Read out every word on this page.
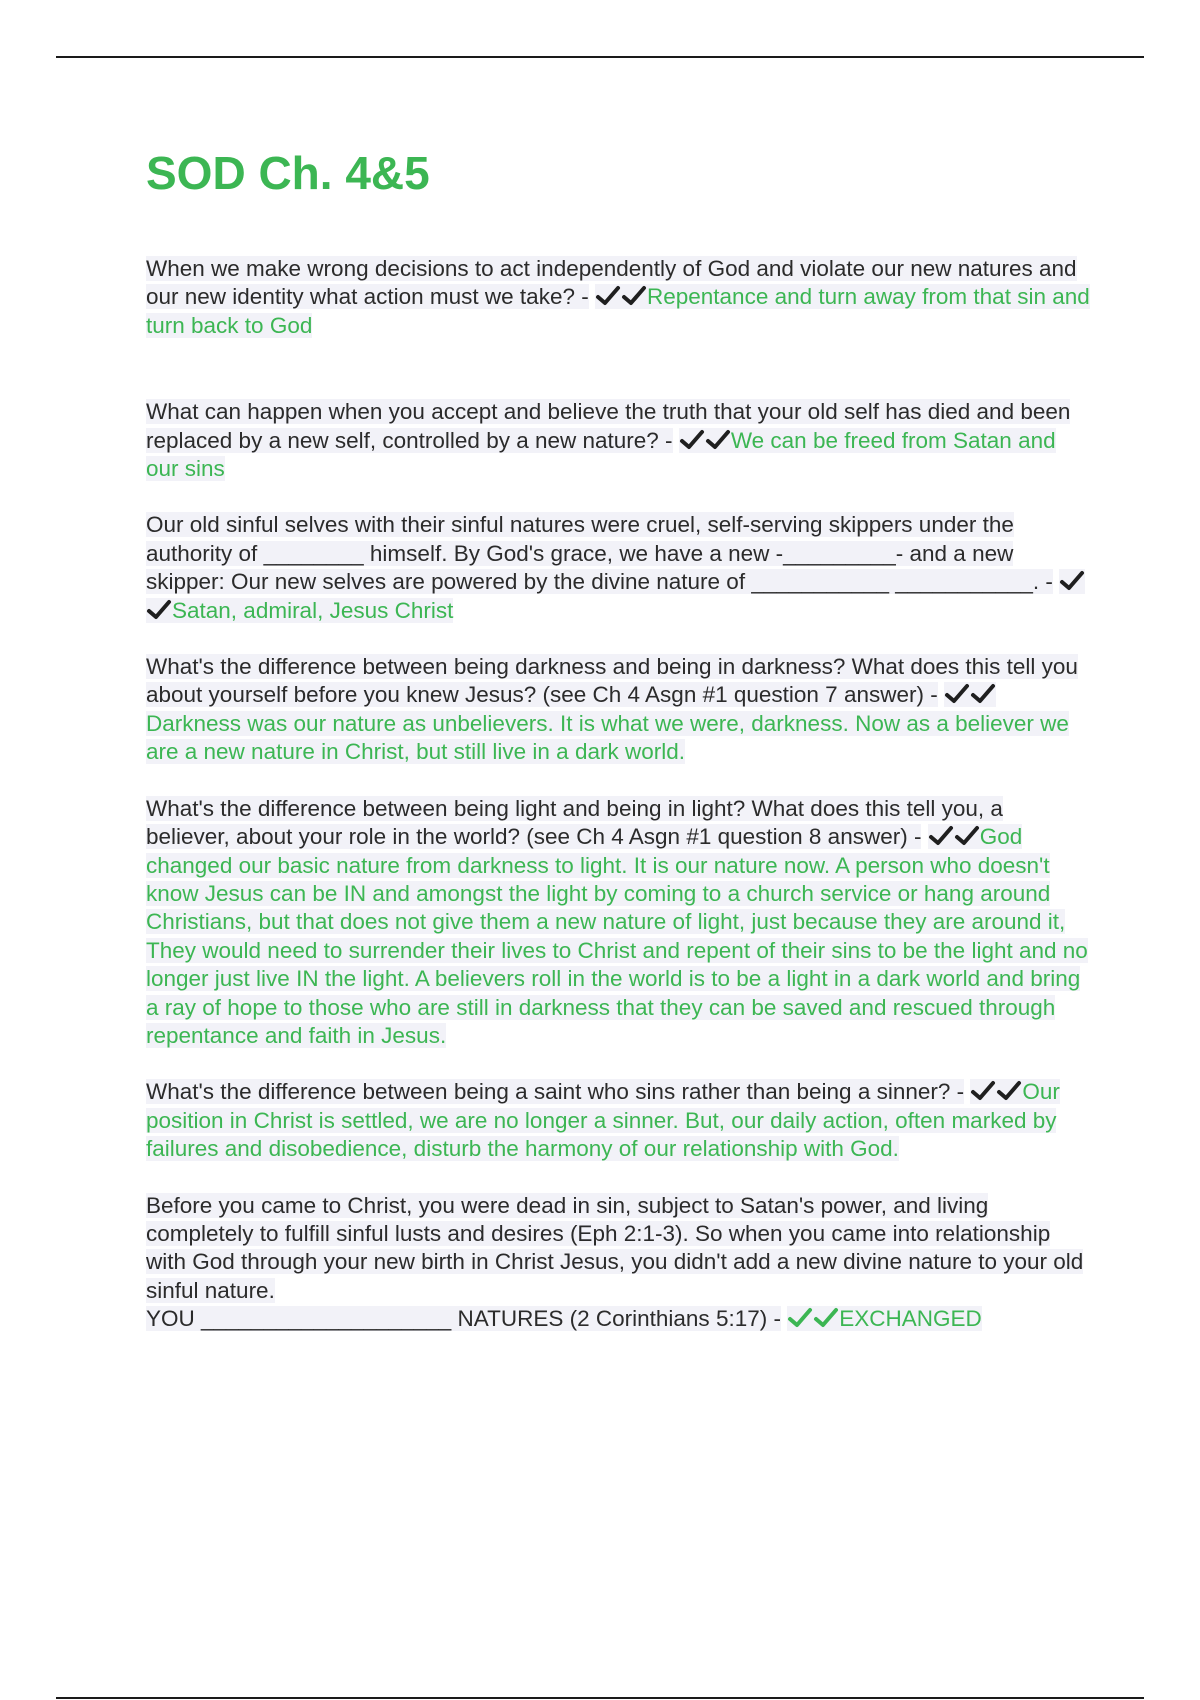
SOD Ch. 4&5

When we make wrong decisions to act independently of God and violate our new natures and our new identity what action must we take? -	Repentance and turn away from that sin and turn back to God

What can happen when you accept and believe the truth that your old self has died and been replaced by a new self, controlled by a new nature? -	We can be freed from Satan and our sins

Our old sinful selves with their sinful natures were cruel, self-serving skippers under the authority of ________ himself. By God's grace, we have a new -_________- and a new skipper: Our new selves are powered by the divine nature of ___________ ___________. -
Satan, admiral, Jesus Christ

What's the difference between being darkness and being in darkness? What does this tell you about yourself before you knew Jesus? (see Ch 4 Asgn #1 question 7 answer) -
Darkness was our nature as unbelievers. It is what we were, darkness. Now as a believer we are a new nature in Christ, but still live in a dark world.

What's the difference between being light and being in light? What does this tell you, a believer, about your role in the world? (see Ch 4 Asgn #1 question 8 answer) -	God changed our basic nature from darkness to light. It is our nature now. A person who doesn't know Jesus can be IN and amongst the light by coming to a church service or hang around Christians, but that does not give them a new nature of light, just because they are around it, They would need to surrender their lives to Christ and repent of their sins to be the light and no longer just live IN the light. A believers roll in the world is to be a light in a dark world and bring a ray of hope to those who are still in darkness that they can be saved and rescued through repentance and faith in Jesus.

What's the difference between being a saint who sins rather than being a sinner? -	Our position in Christ is settled, we are no longer a sinner. But, our daily action, often marked by failures and disobedience, disturb the harmony of our relationship with God.

Before you came to Christ, you were dead in sin, subject to Satan's power, and living completely to fulfill sinful lusts and desires (Eph 2:1-3). So when you came into relationship with God through your new birth in Christ Jesus, you didn't add a new divine nature to your old sinful nature.
YOU ____________________ NATURES (2 Corinthians 5:17) -	EXCHANGED
